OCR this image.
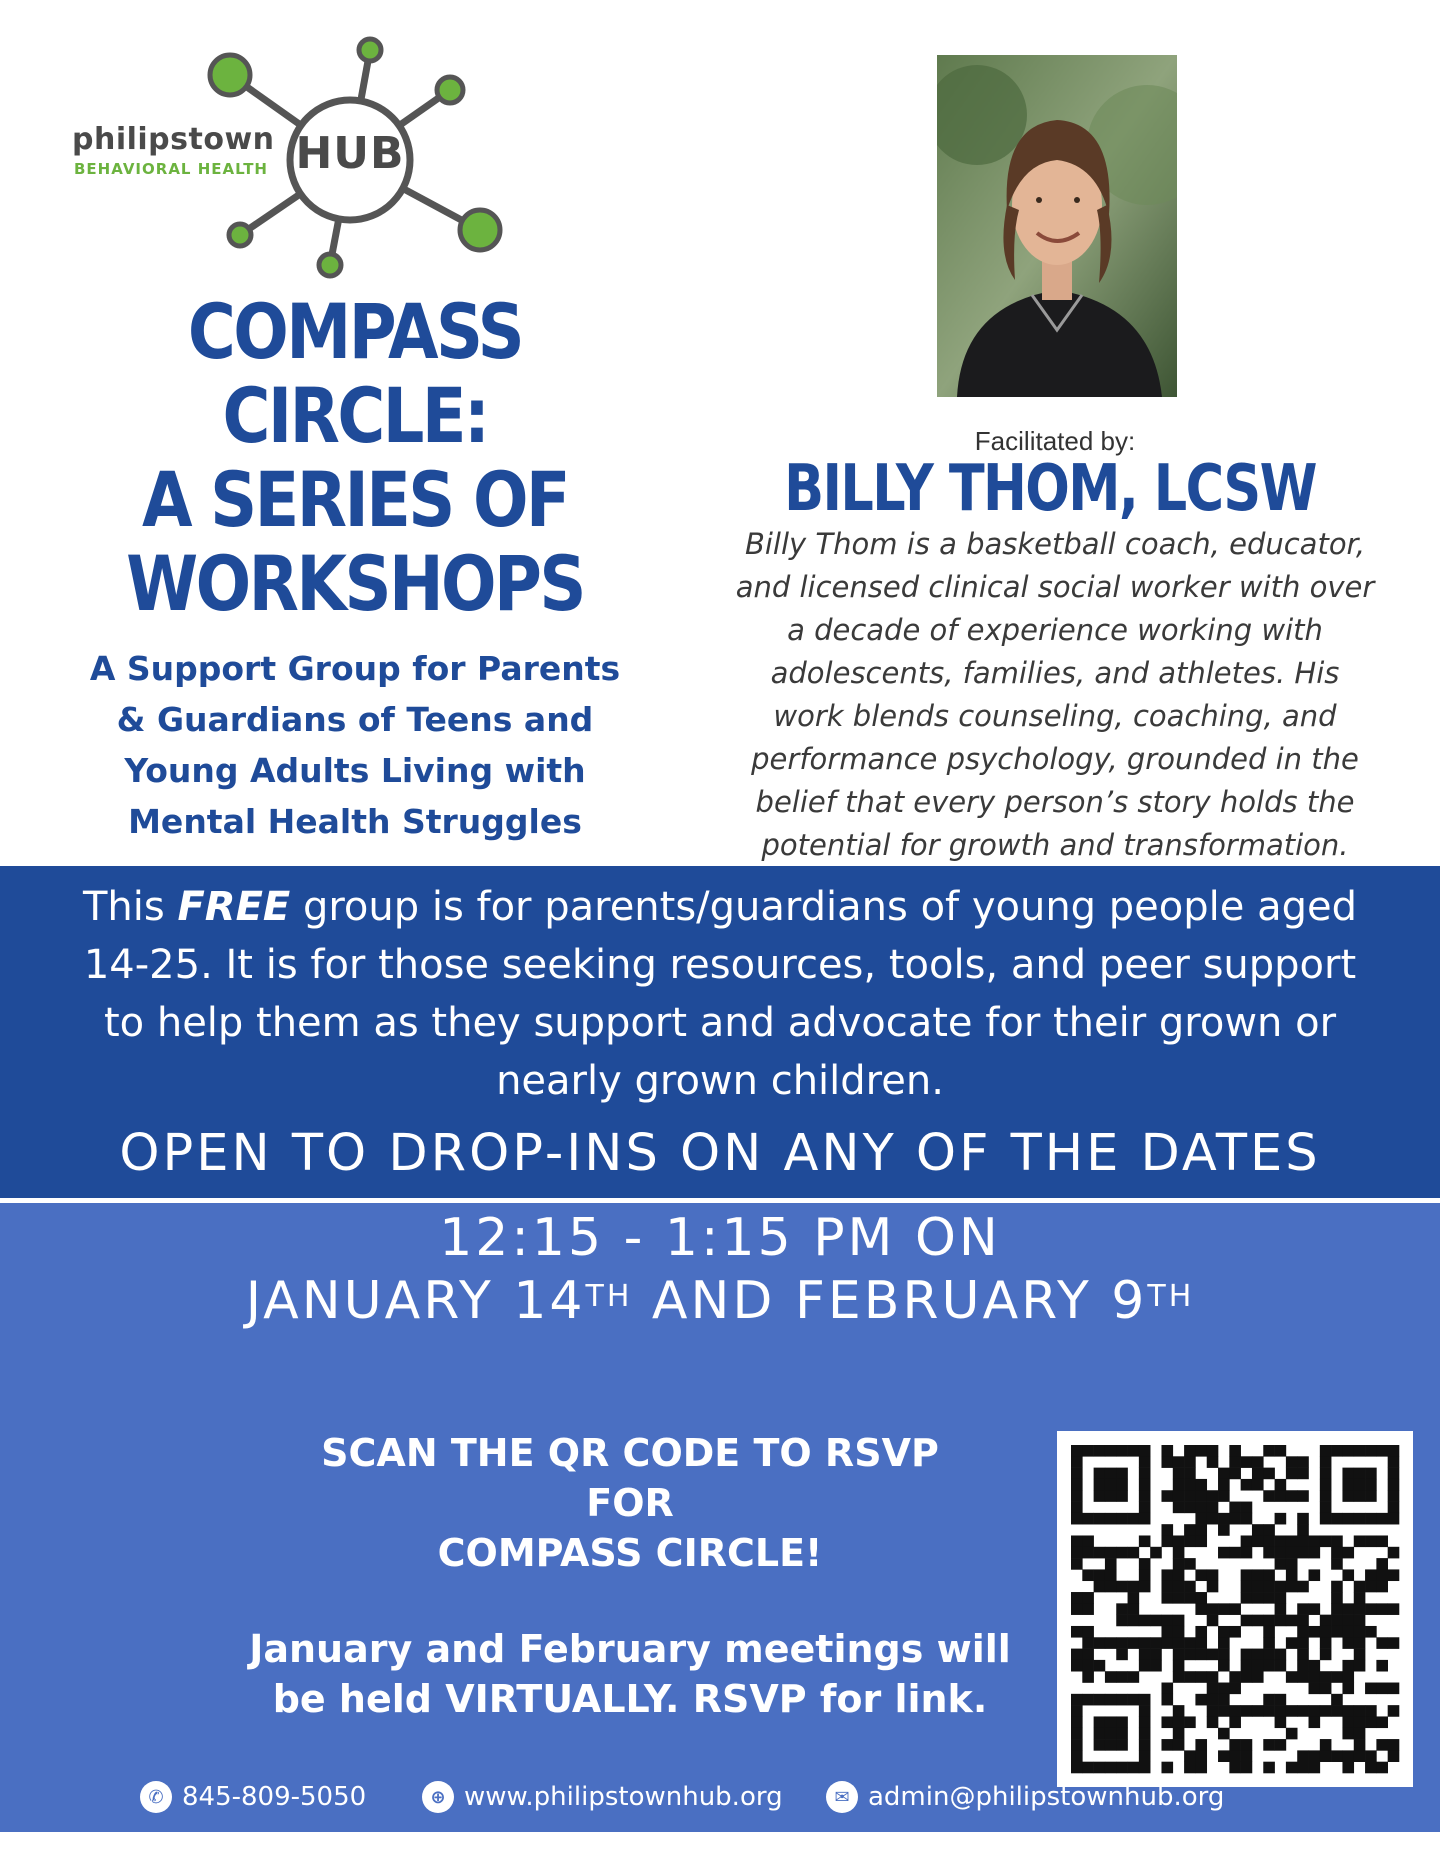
philipstown
BEHAVIORAL HEALTH HUB
COMPASS
CIRCLE:
A SERIES OF
WORKSHOPS
A Support Group for Parents
& Guardians of Teens and
Young Adults Living with
Mental Health Struggles
Facilitated by:
BILLY THOM, LCSW
Billy Thom is a basketball coach, educator,
and licensed clinical social worker with over
a decade of experience working with
adolescents, families, and athletes. His
work blends counseling, coaching, and
performance psychology, grounded in the
belief that every person’s story holds the
potential for growth and transformation.
This FREE group is for parents/guardians of young people aged
14-25. It is for those seeking resources, tools, and peer support
to help them as they support and advocate for their grown or
nearly grown children.
OPEN TO DROP-INS ON ANY OF THE DATES
12:15 - 1:15 PM ON
JANUARY 14TH AND FEBRUARY 9TH
SCAN THE QR CODE TO RSVP
FOR
COMPASS CIRCLE!
January and February meetings will
be held VIRTUALLY. RSVP for link.
✆ 845-809-5050	⊕ www.philipstownhub.org	✉ admin@philipstownhub.org
